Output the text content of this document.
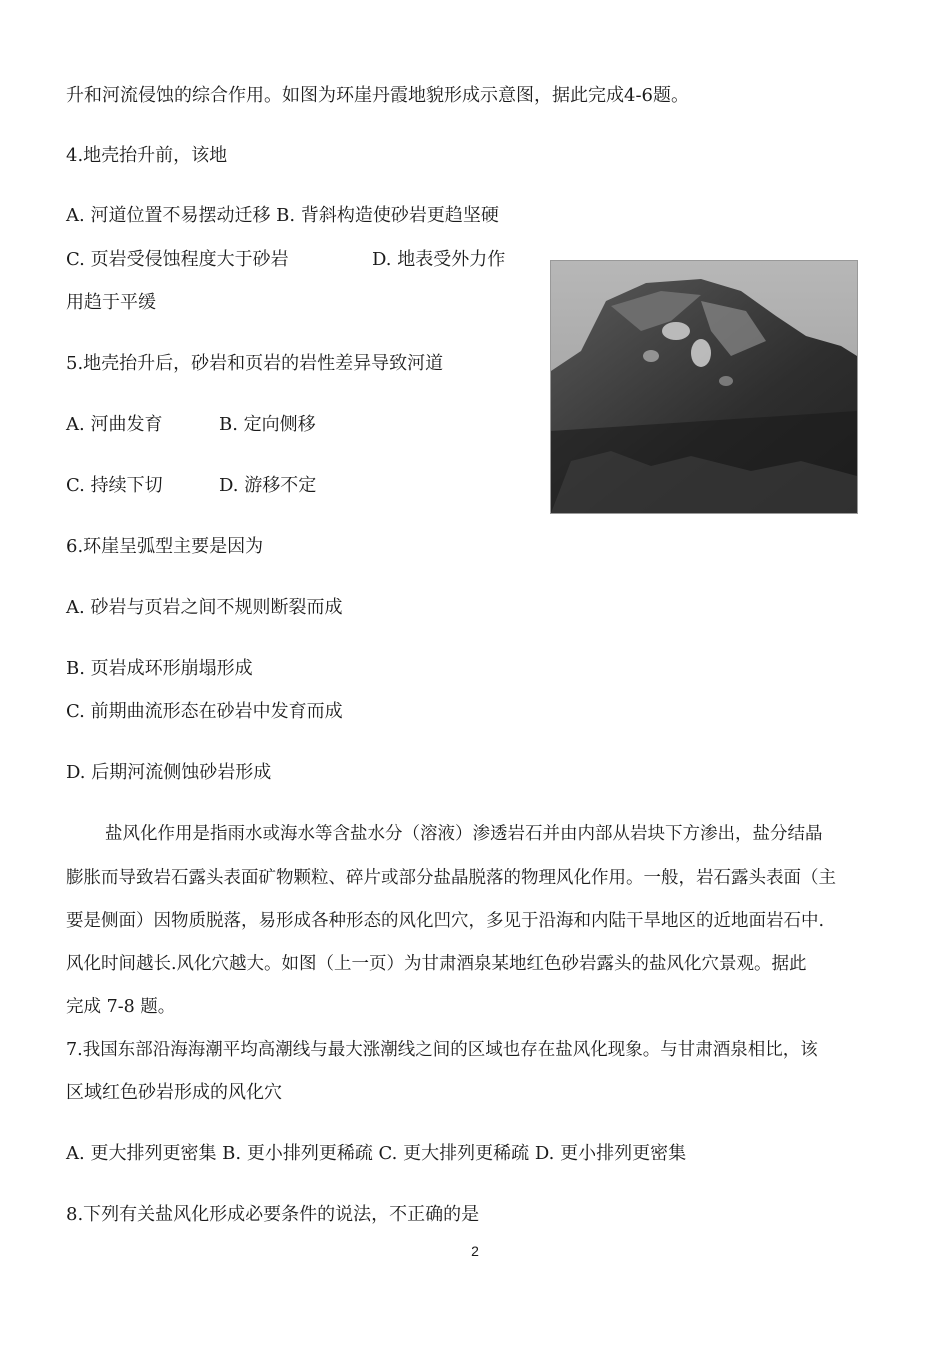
升和河流侵蚀的综合作用。如图为环崖丹霞地貌形成示意图，据此完成4-6题。
4.地壳抬升前，该地
A. 河道位置不易摆动迁移 B. 背斜构造使砂岩更趋坚硬
C. 页岩受侵蚀程度大于砂岩	D. 地表受外力作
用趋于平缓
5.地壳抬升后，砂岩和页岩的岩性差异导致河道
A. 河曲发育	B. 定向侧移
C. 持续下切	D. 游移不定
6.环崖呈弧型主要是因为
A. 砂岩与页岩之间不规则断裂而成
B. 页岩成环形崩塌形成
C. 前期曲流形态在砂岩中发育而成
D. 后期河流侧蚀砂岩形成
盐风化作用是指雨水或海水等含盐水分（溶液）渗透岩石并由内部从岩块下方渗出，盐分结晶
膨胀而导致岩石露头表面矿物颗粒、碎片或部分盐晶脱落的物理风化作用。一般，岩石露头表面（主
要是侧面）因物质脱落，易形成各种形态的风化凹穴，多见于沿海和内陆干旱地区的近地面岩石中.
风化时间越长.风化穴越大。如图（上一页）为甘肃酒泉某地红色砂岩露头的盐风化穴景观。据此
完成 7-8 题。
7.我国东部沿海海潮平均高潮线与最大涨潮线之间的区域也存在盐风化现象。与甘肃酒泉相比，该
区域红色砂岩形成的风化穴
A. 更大排列更密集 B. 更小排列更稀疏 C. 更大排列更稀疏 D. 更小排列更密集
8.下列有关盐风化形成必要条件的说法，不正确的是
2
